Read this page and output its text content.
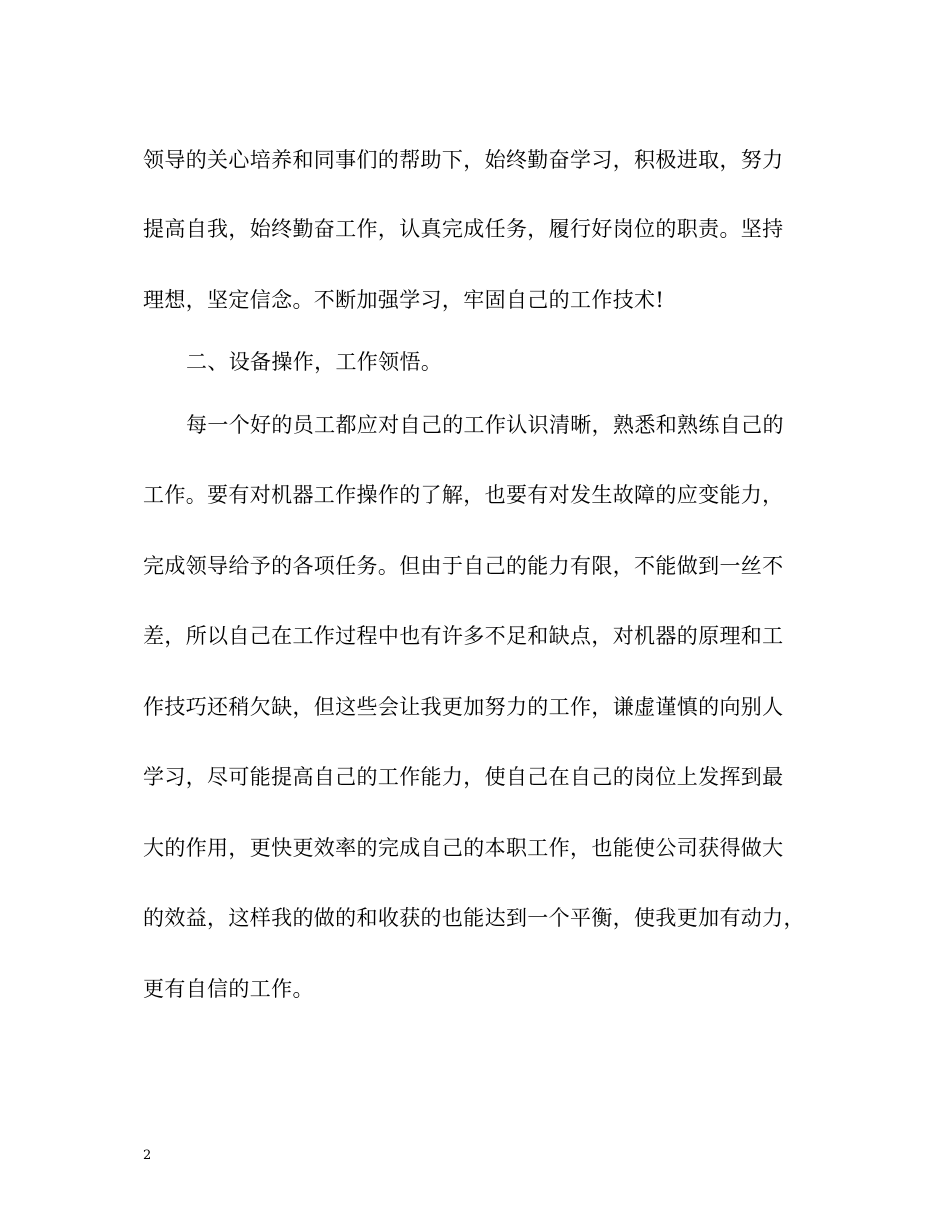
领导的关心培养和同事们的帮助下，始终勤奋学习，积极进取，努力
提高自我，始终勤奋工作，认真完成任务，履行好岗位的职责。坚持
理想，坚定信念。不断加强学习，牢固自己的工作技术!
二、设备操作，工作领悟。
每一个好的员工都应对自己的工作认识清晰，熟悉和熟练自己的
工作。要有对机器工作操作的了解，也要有对发生故障的应变能力，
完成领导给予的各项任务。但由于自己的能力有限，不能做到一丝不
差，所以自己在工作过程中也有许多不足和缺点，对机器的原理和工
作技巧还稍欠缺，但这些会让我更加努力的工作，谦虚谨慎的向别人
学习，尽可能提高自己的工作能力，使自己在自己的岗位上发挥到最
大的作用，更快更效率的完成自己的本职工作，也能使公司获得做大
的效益，这样我的做的和收获的也能达到一个平衡，使我更加有动力，
更有自信的工作。
2
